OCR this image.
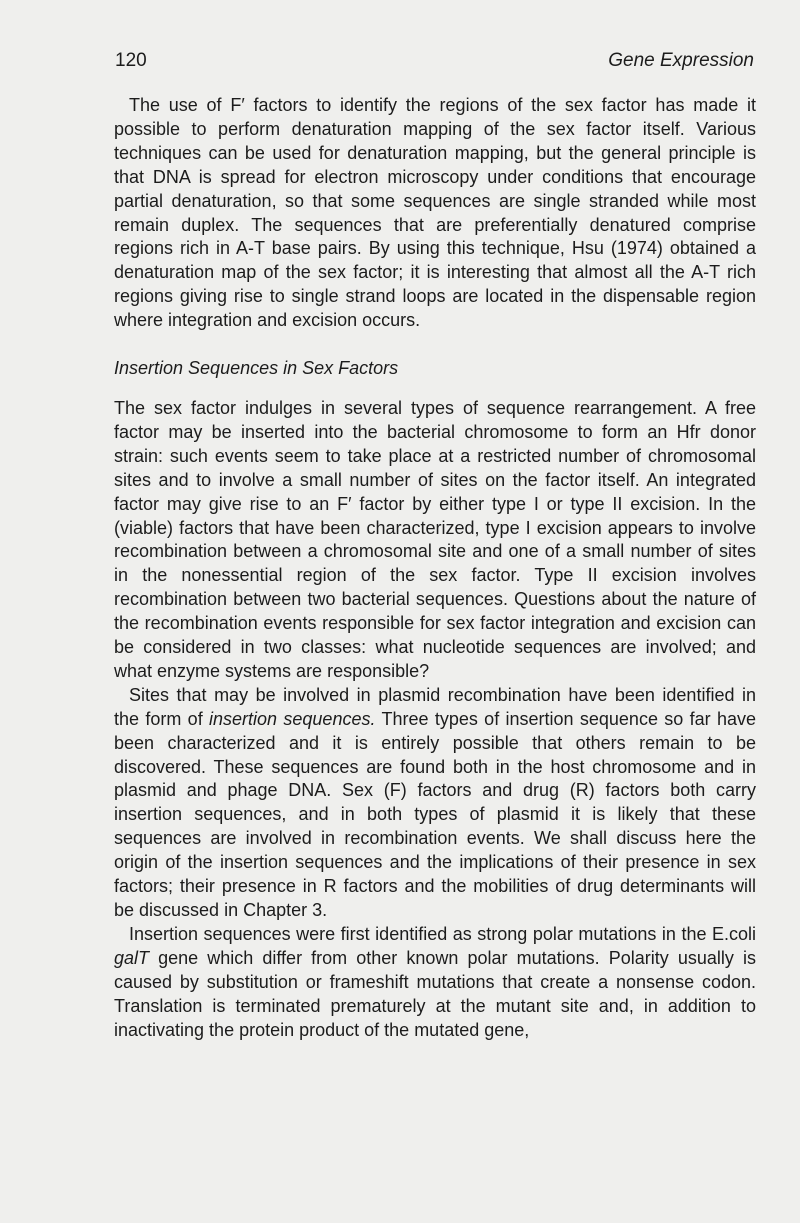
120	Gene Expression

The use of F′ factors to identify the regions of the sex factor has made it possible to perform denaturation mapping of the sex factor itself. Various techniques can be used for denaturation mapping, but the general principle is that DNA is spread for electron microscopy under conditions that encourage partial denaturation, so that some sequences are single stranded while most remain duplex. The sequences that are preferentially denatured comprise regions rich in A-T base pairs. By using this technique, Hsu (1974) obtained a denaturation map of the sex factor; it is interesting that almost all the A-T rich regions giving rise to single strand loops are located in the dispensable region where integration and excision occurs.

Insertion Sequences in Sex Factors

The sex factor indulges in several types of sequence rearrangement. A free factor may be inserted into the bacterial chromosome to form an Hfr donor strain: such events seem to take place at a restricted number of chromosomal sites and to involve a small number of sites on the factor itself. An integrated factor may give rise to an F′ factor by either type I or type II excision. In the (viable) factors that have been characterized, type I excision appears to involve recombination between a chromosomal site and one of a small number of sites in the nonessential region of the sex factor. Type II excision involves recombination between two bacterial sequences. Questions about the nature of the recombination events responsible for sex factor integration and excision can be considered in two classes: what nucleotide sequences are involved; and what enzyme systems are responsible?

Sites that may be involved in plasmid recombination have been identified in the form of insertion sequences. Three types of insertion sequence so far have been characterized and it is entirely possible that others remain to be discovered. These sequences are found both in the host chromosome and in plasmid and phage DNA. Sex (F) factors and drug (R) factors both carry insertion sequences, and in both types of plasmid it is likely that these sequences are involved in recombination events. We shall discuss here the origin of the insertion sequences and the implications of their presence in sex factors; their presence in R factors and the mobilities of drug determinants will be discussed in Chapter 3.

Insertion sequences were first identified as strong polar mutations in the E.coli galT gene which differ from other known polar mutations. Polarity usually is caused by substitution or frameshift mutations that create a nonsense codon. Translation is terminated prematurely at the mutant site and, in addition to inactivating the protein product of the mutated gene,
